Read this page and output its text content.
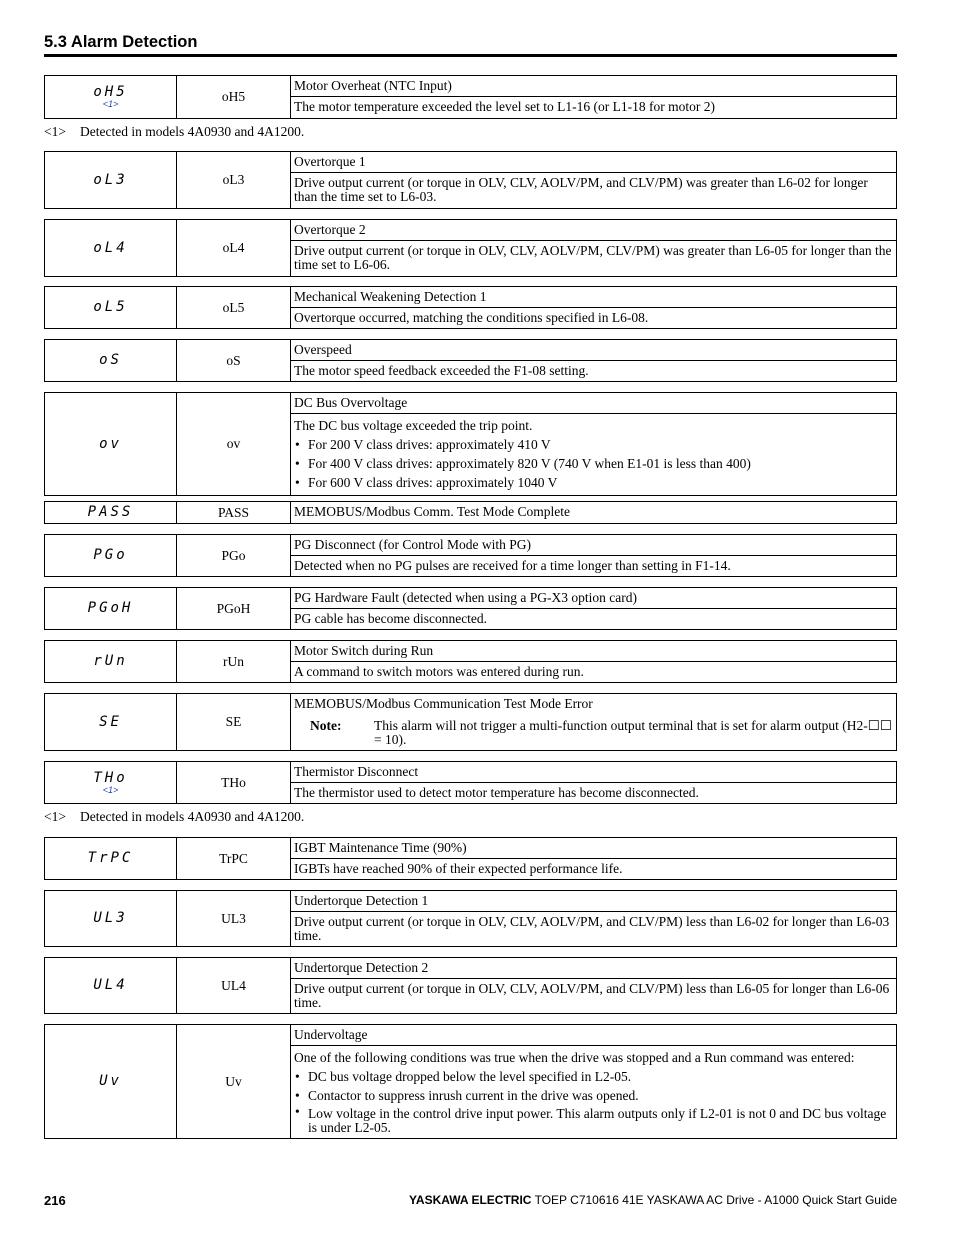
5.3 Alarm Detection
oH5
<1>	oH5	Motor Overheat (NTC Input)
The motor temperature exceeded the level set to L1-16 (or L1-18 for motor 2)
<1> Detected in models 4A0930 and 4A1200.
oL3	oL3	Overtorque 1
Drive output current (or torque in OLV, CLV, AOLV/PM, and CLV/PM) was greater than L6-02 for longer than the time set to L6-03.
oL4	oL4	Overtorque 2
Drive output current (or torque in OLV, CLV, AOLV/PM, CLV/PM) was greater than L6-05 for longer than the time set to L6-06.
oL5	oL5	Mechanical Weakening Detection 1
Overtorque occurred, matching the conditions specified in L6-08.
oS	oS	Overspeed
The motor speed feedback exceeded the F1-08 setting.
ov	ov	DC Bus Overvoltage

The DC bus voltage exceeded the trip point.
• For 200 V class drives: approximately 410 V
• For 400 V class drives: approximately 820 V (740 V when E1-01 is less than 400)
• For 600 V class drives: approximately 1040 V
PASS	PASS	MEMOBUS/Modbus Comm. Test Mode Complete
PGo	PGo	PG Disconnect (for Control Mode with PG)
Detected when no PG pulses are received for a time longer than setting in F1-14.
PGoH	PGoH	PG Hardware Fault (detected when using a PG-X3 option card)
PG cable has become disconnected.
rUn	rUn	Motor Switch during Run
A command to switch motors was entered during run.
SE	SE	
MEMOBUS/Modbus Communication Test Mode Error
Note:	This alarm will not trigger a multi-function output terminal that is set for alarm output (H2-☐☐ = 10).
THo
<1>	THo	Thermistor Disconnect
The thermistor used to detect motor temperature has become disconnected.
<1> Detected in models 4A0930 and 4A1200.
TrPC	TrPC	IGBT Maintenance Time (90%)
IGBTs have reached 90% of their expected performance life.
UL3	UL3	Undertorque Detection 1
Drive output current (or torque in OLV, CLV, AOLV/PM, and CLV/PM) less than L6-02 for longer than L6-03 time.
UL4	UL4	Undertorque Detection 2
Drive output current (or torque in OLV, CLV, AOLV/PM, and CLV/PM) less than L6-05 for longer than L6-06 time.
Uv	Uv	Undervoltage

One of the following conditions was true when the drive was stopped and a Run command was entered:
• DC bus voltage dropped below the level specified in L2-05.
• Contactor to suppress inrush current in the drive was opened.
• Low voltage in the control drive input power. This alarm outputs only if L2-01 is not 0 and DC bus voltage is under L2-05.
216	YASKAWA ELECTRIC TOEP C710616 41E YASKAWA AC Drive - A1000 Quick Start Guide
